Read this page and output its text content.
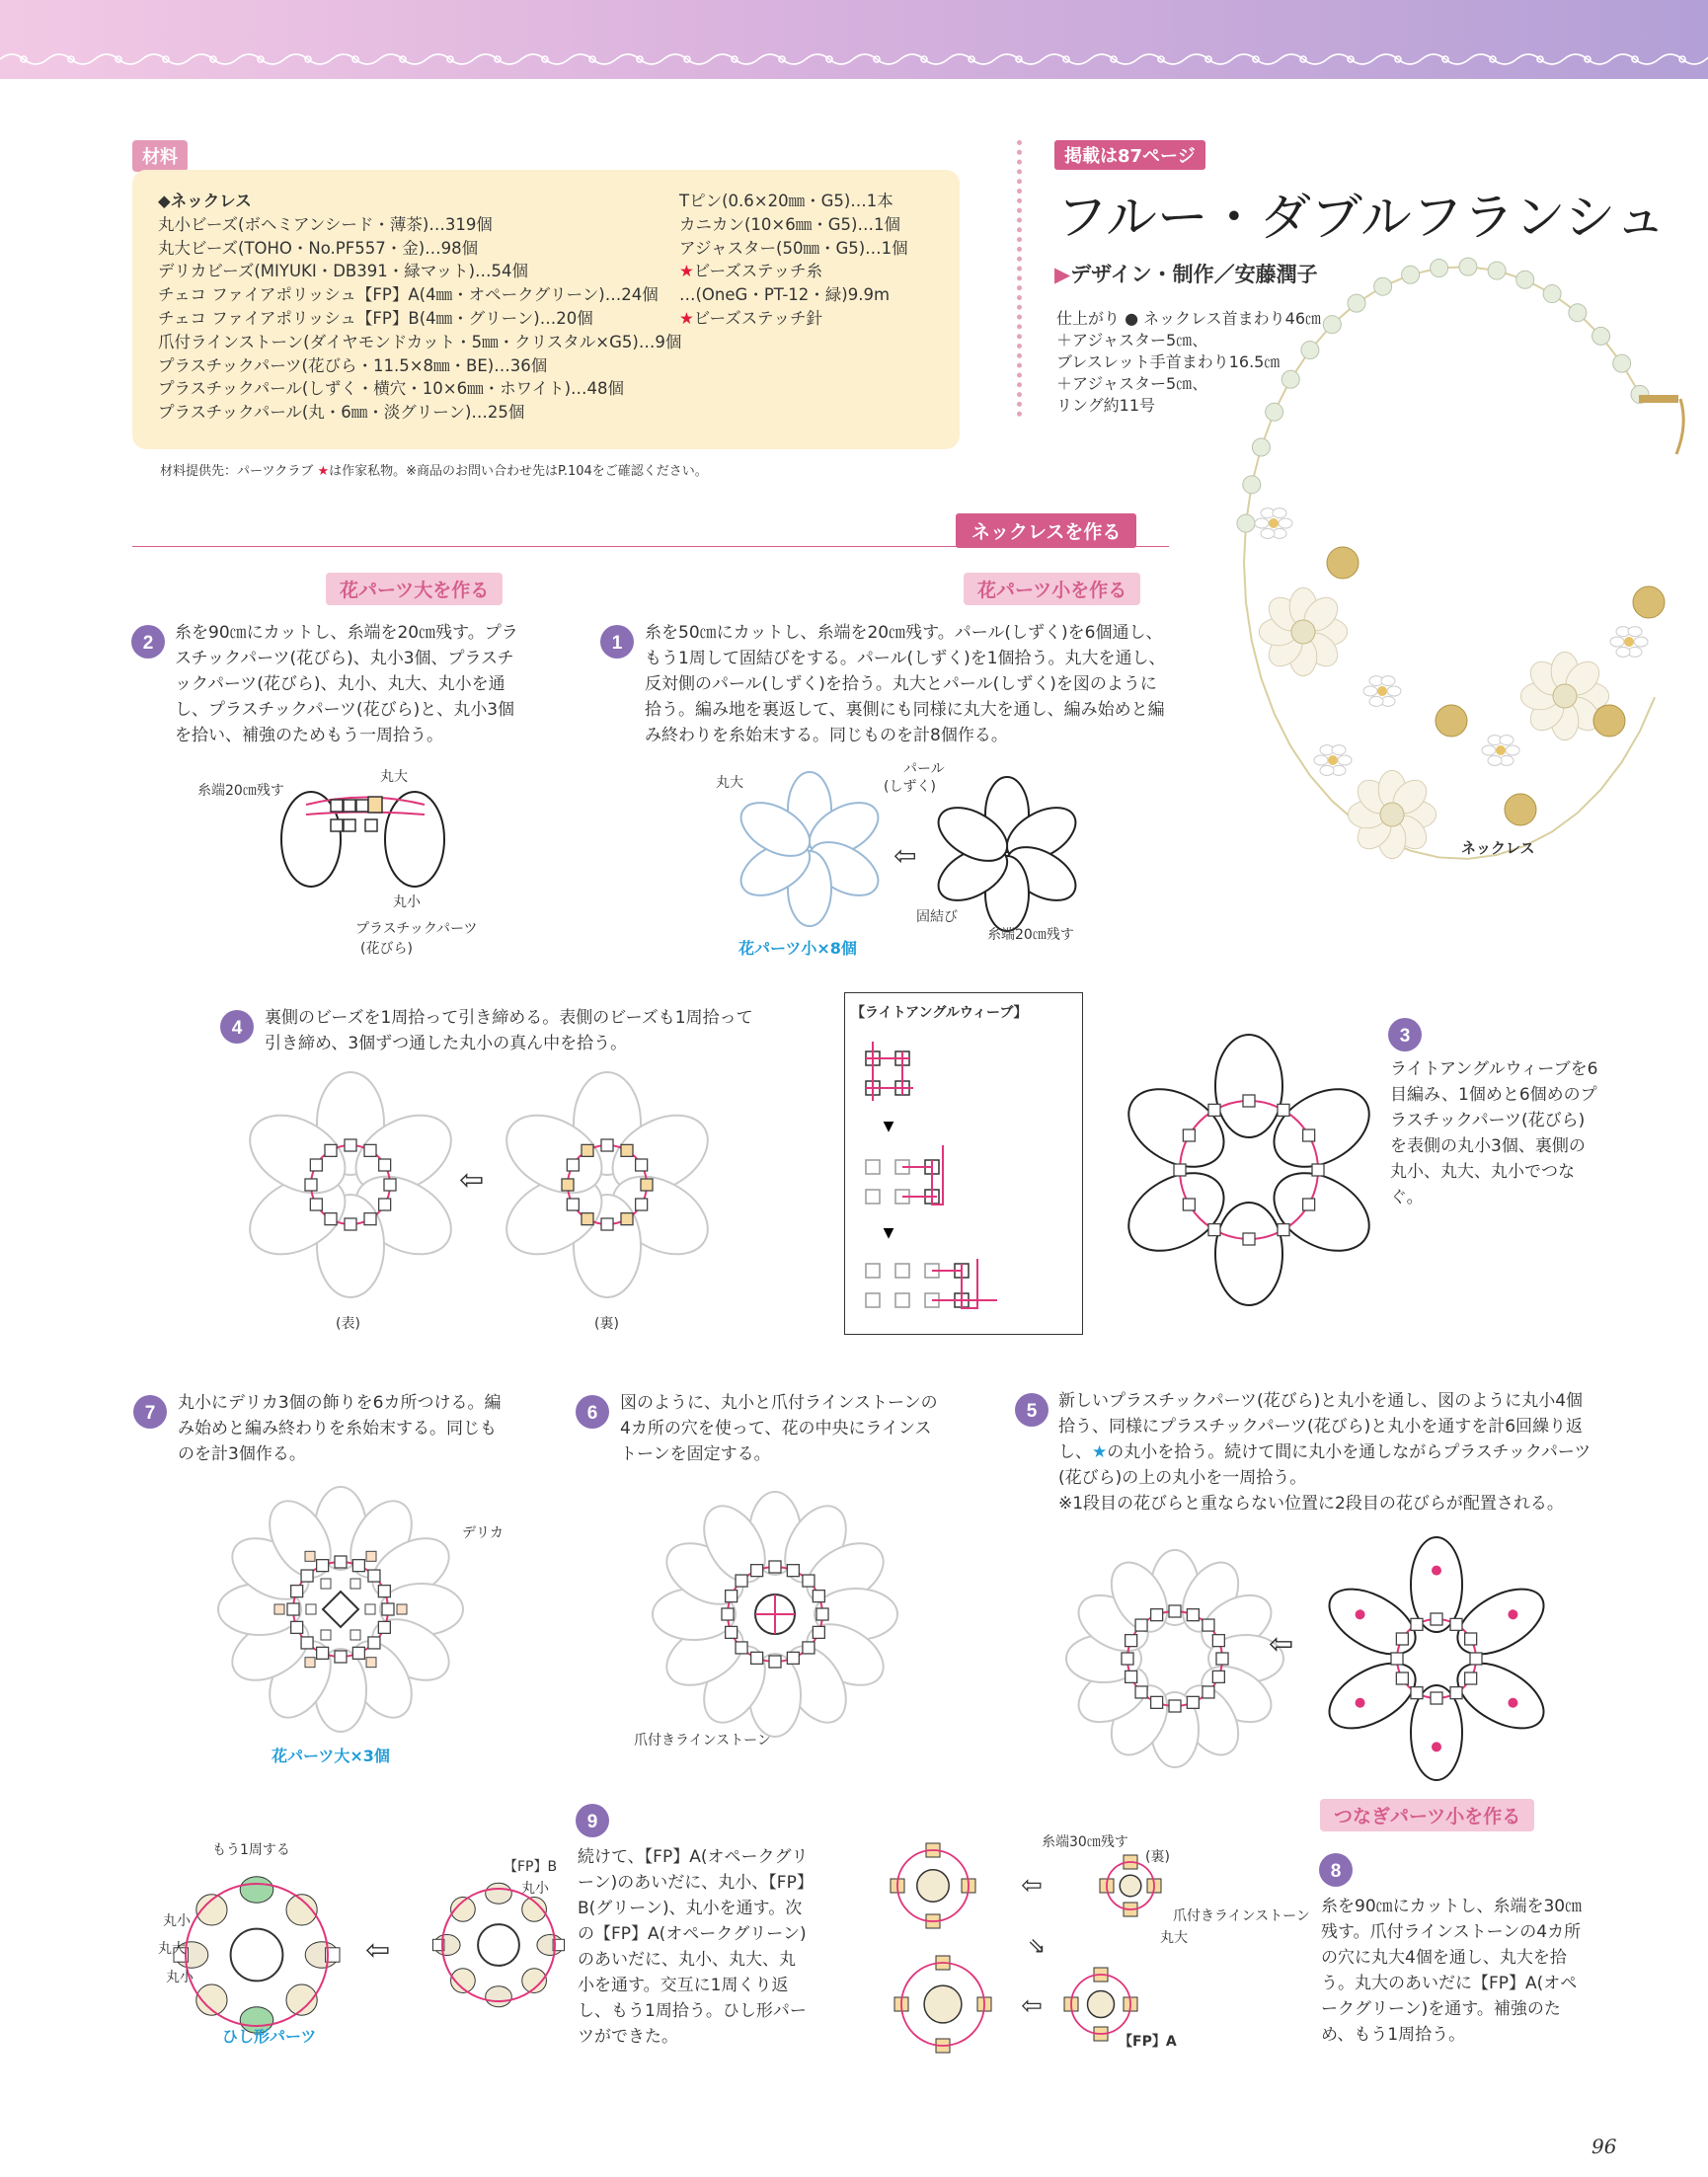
材料
◆ネックレス
丸小ビーズ(ボヘミアンシード・薄茶)…319個
丸大ビーズ(TOHO・No.PF557・金)…98個
デリカビーズ(MIYUKI・DB391・緑マット)…54個
チェコ ファイアポリッシュ【FP】A(4㎜・オペークグリーン)…24個
チェコ ファイアポリッシュ【FP】B(4㎜・グリーン)…20個
爪付ラインストーン(ダイヤモンドカット・5㎜・クリスタル×G5)…9個
プラスチックパーツ(花びら・11.5×8㎜・BE)…36個
プラスチックパール(しずく・横穴・10×6㎜・ホワイト)…48個
プラスチックパール(丸・6㎜・淡グリーン)…25個
Tピン(0.6×20㎜・G5)…1本
カニカン(10×6㎜・G5)…1個
アジャスター(50㎜・G5)…1個
★ビーズステッチ糸
…(OneG・PT-12・緑)9.9m
★ビーズステッチ針
材料提供先：パーツクラブ ★は作家私物。※商品のお問い合わせ先はP.104をご確認ください。
掲載は87ページ
フルー・ダブルフランシュ
▶デザイン・制作／安藤潤子
仕上がり ● ネックレス首まわり46㎝
＋アジャスター5㎝、
ブレスレット手首まわり16.5㎝
＋アジャスター5㎝、
リング約11号
ネックレス
ネックレスを作る
花パーツ大を作る	花パーツ小を作る
つなぎパーツ小を作る
2 糸を90㎝にカットし、糸端を20㎝残す。プラスチックパーツ(花びら)、丸小3個、プラスチックパーツ(花びら)、丸小、丸大、丸小を通し、プラスチックパーツ(花びら)と、丸小3個を拾い、補強のためもう一周拾う。
1 糸を50㎝にカットし、糸端を20㎝残す。パール(しずく)を6個通し、もう1周して固結びをする。パール(しずく)を1個拾う。丸大を通し、反対側のパール(しずく)を拾う。丸大とパール(しずく)を図のように拾う。編み地を裏返して、裏側にも同様に丸大を通し、編み始めと編み終わりを糸始末する。同じものを計8個作る。
糸端20㎝残す
丸大
丸小
プラスチックパーツ
(花びら)
⇦
丸大
パール
(しずく)
固結び
糸端20㎝残す
花パーツ小×8個
4 裏側のビーズを1周拾って引き締める。表側のビーズも1周拾って引き締め、3個ずつ通した丸小の真ん中を拾う。
⇦
(表)	(裏)
【ライトアングルウィーブ】
▼
▼
3
ライトアングルウィーブを6目編み、1個めと6個めのプラスチックパーツ(花びら)を表側の丸小3個、裏側の丸小、丸大、丸小でつなぐ。
7 丸小にデリカ3個の飾りを6カ所つける。編み始めと編み終わりを糸始末する。同じものを計3個作る。
デリカ
花パーツ大×3個
6 図のように、丸小と爪付ラインストーンの4カ所の穴を使って、花の中央にラインストーンを固定する。
爪付きラインストーン
5 新しいプラスチックパーツ(花びら)と丸小を通し、図のように丸小4個拾う、同様にプラスチックパーツ(花びら)と丸小を通すを計6回繰り返し、★の丸小を拾う。続けて間に丸小を通しながらプラスチックパーツ(花びら)の上の丸小を一周拾う。
※1段目の花びらと重ならない位置に2段目の花びらが配置される。
⇦
⇦
もう1周する
丸小
丸大
丸小
【FP】B
丸小
ひし形パーツ
9
続けて、【FP】A(オペークグリーン)のあいだに、丸小、【FP】B(グリーン)、丸小を通す。次の【FP】A(オペークグリーン)のあいだに、丸小、丸大、丸小を通す。交互に1周くり返し、もう1周拾う。ひし形パーツができた。
⇦
⇦
⇘
糸端30㎝残す
(裏)
爪付きラインストーン
丸大
【FP】A
8
糸を90㎝にカットし、糸端を30㎝残す。爪付ラインストーンの4カ所の穴に丸大4個を通し、丸大を拾う。丸大のあいだに【FP】A(オペークグリーン)を通す。補強のため、もう1周拾う。
96
